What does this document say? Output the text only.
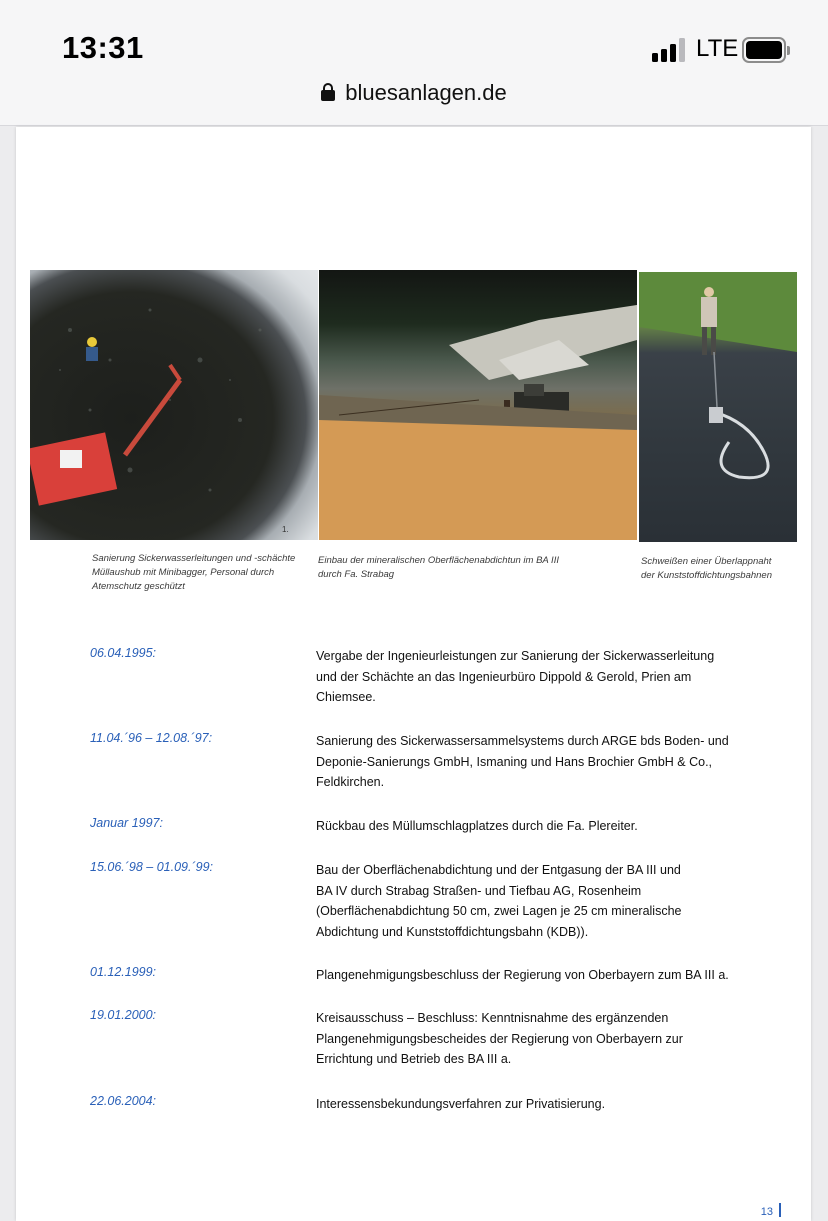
13:31	LTE
bluesanlagen.de
1.
Sanierung Sickerwasserleitungen und -schächte
Müllaushub mit Minibagger, Personal durch
Atemschutz geschützt
Einbau der mineralischen Oberflächenabdichtun im BA III
durch Fa. Strabag
Schweißen einer Überlappnaht
der Kunststoffdichtungsbahnen
06.04.1995:	Vergabe der Ingenieurleistungen zur Sanierung der Sickerwasserleitung
und der Schächte an das Ingenieurbüro Dippold & Gerold, Prien am
Chiemsee.
11.04.´96 – 12.08.´97:	Sanierung des Sickerwassersammelsystems durch ARGE bds Boden- und
Deponie-Sanierungs GmbH, Ismaning und Hans Brochier GmbH & Co.,
Feldkirchen.
Januar 1997:	Rückbau des Müllumschlagplatzes durch die Fa. Plereiter.
15.06.´98 – 01.09.´99:	Bau der Oberflächenabdichtung und der Entgasung der BA III und
BA IV durch Strabag Straßen- und Tiefbau AG, Rosenheim
(Oberflächenabdichtung 50 cm, zwei Lagen je 25 cm mineralische
Abdichtung und Kunststoffdichtungsbahn (KDB)).
01.12.1999:	Plangenehmigungsbeschluss der Regierung von Oberbayern zum BA III a.
19.01.2000:	Kreisausschuss – Beschluss: Kenntnisnahme des ergänzenden
Plangenehmigungsbescheides der Regierung von Oberbayern zur
Errichtung und Betrieb des BA III a.
22.06.2004:	Interessensbekundungsverfahren zur Privatisierung.
13
